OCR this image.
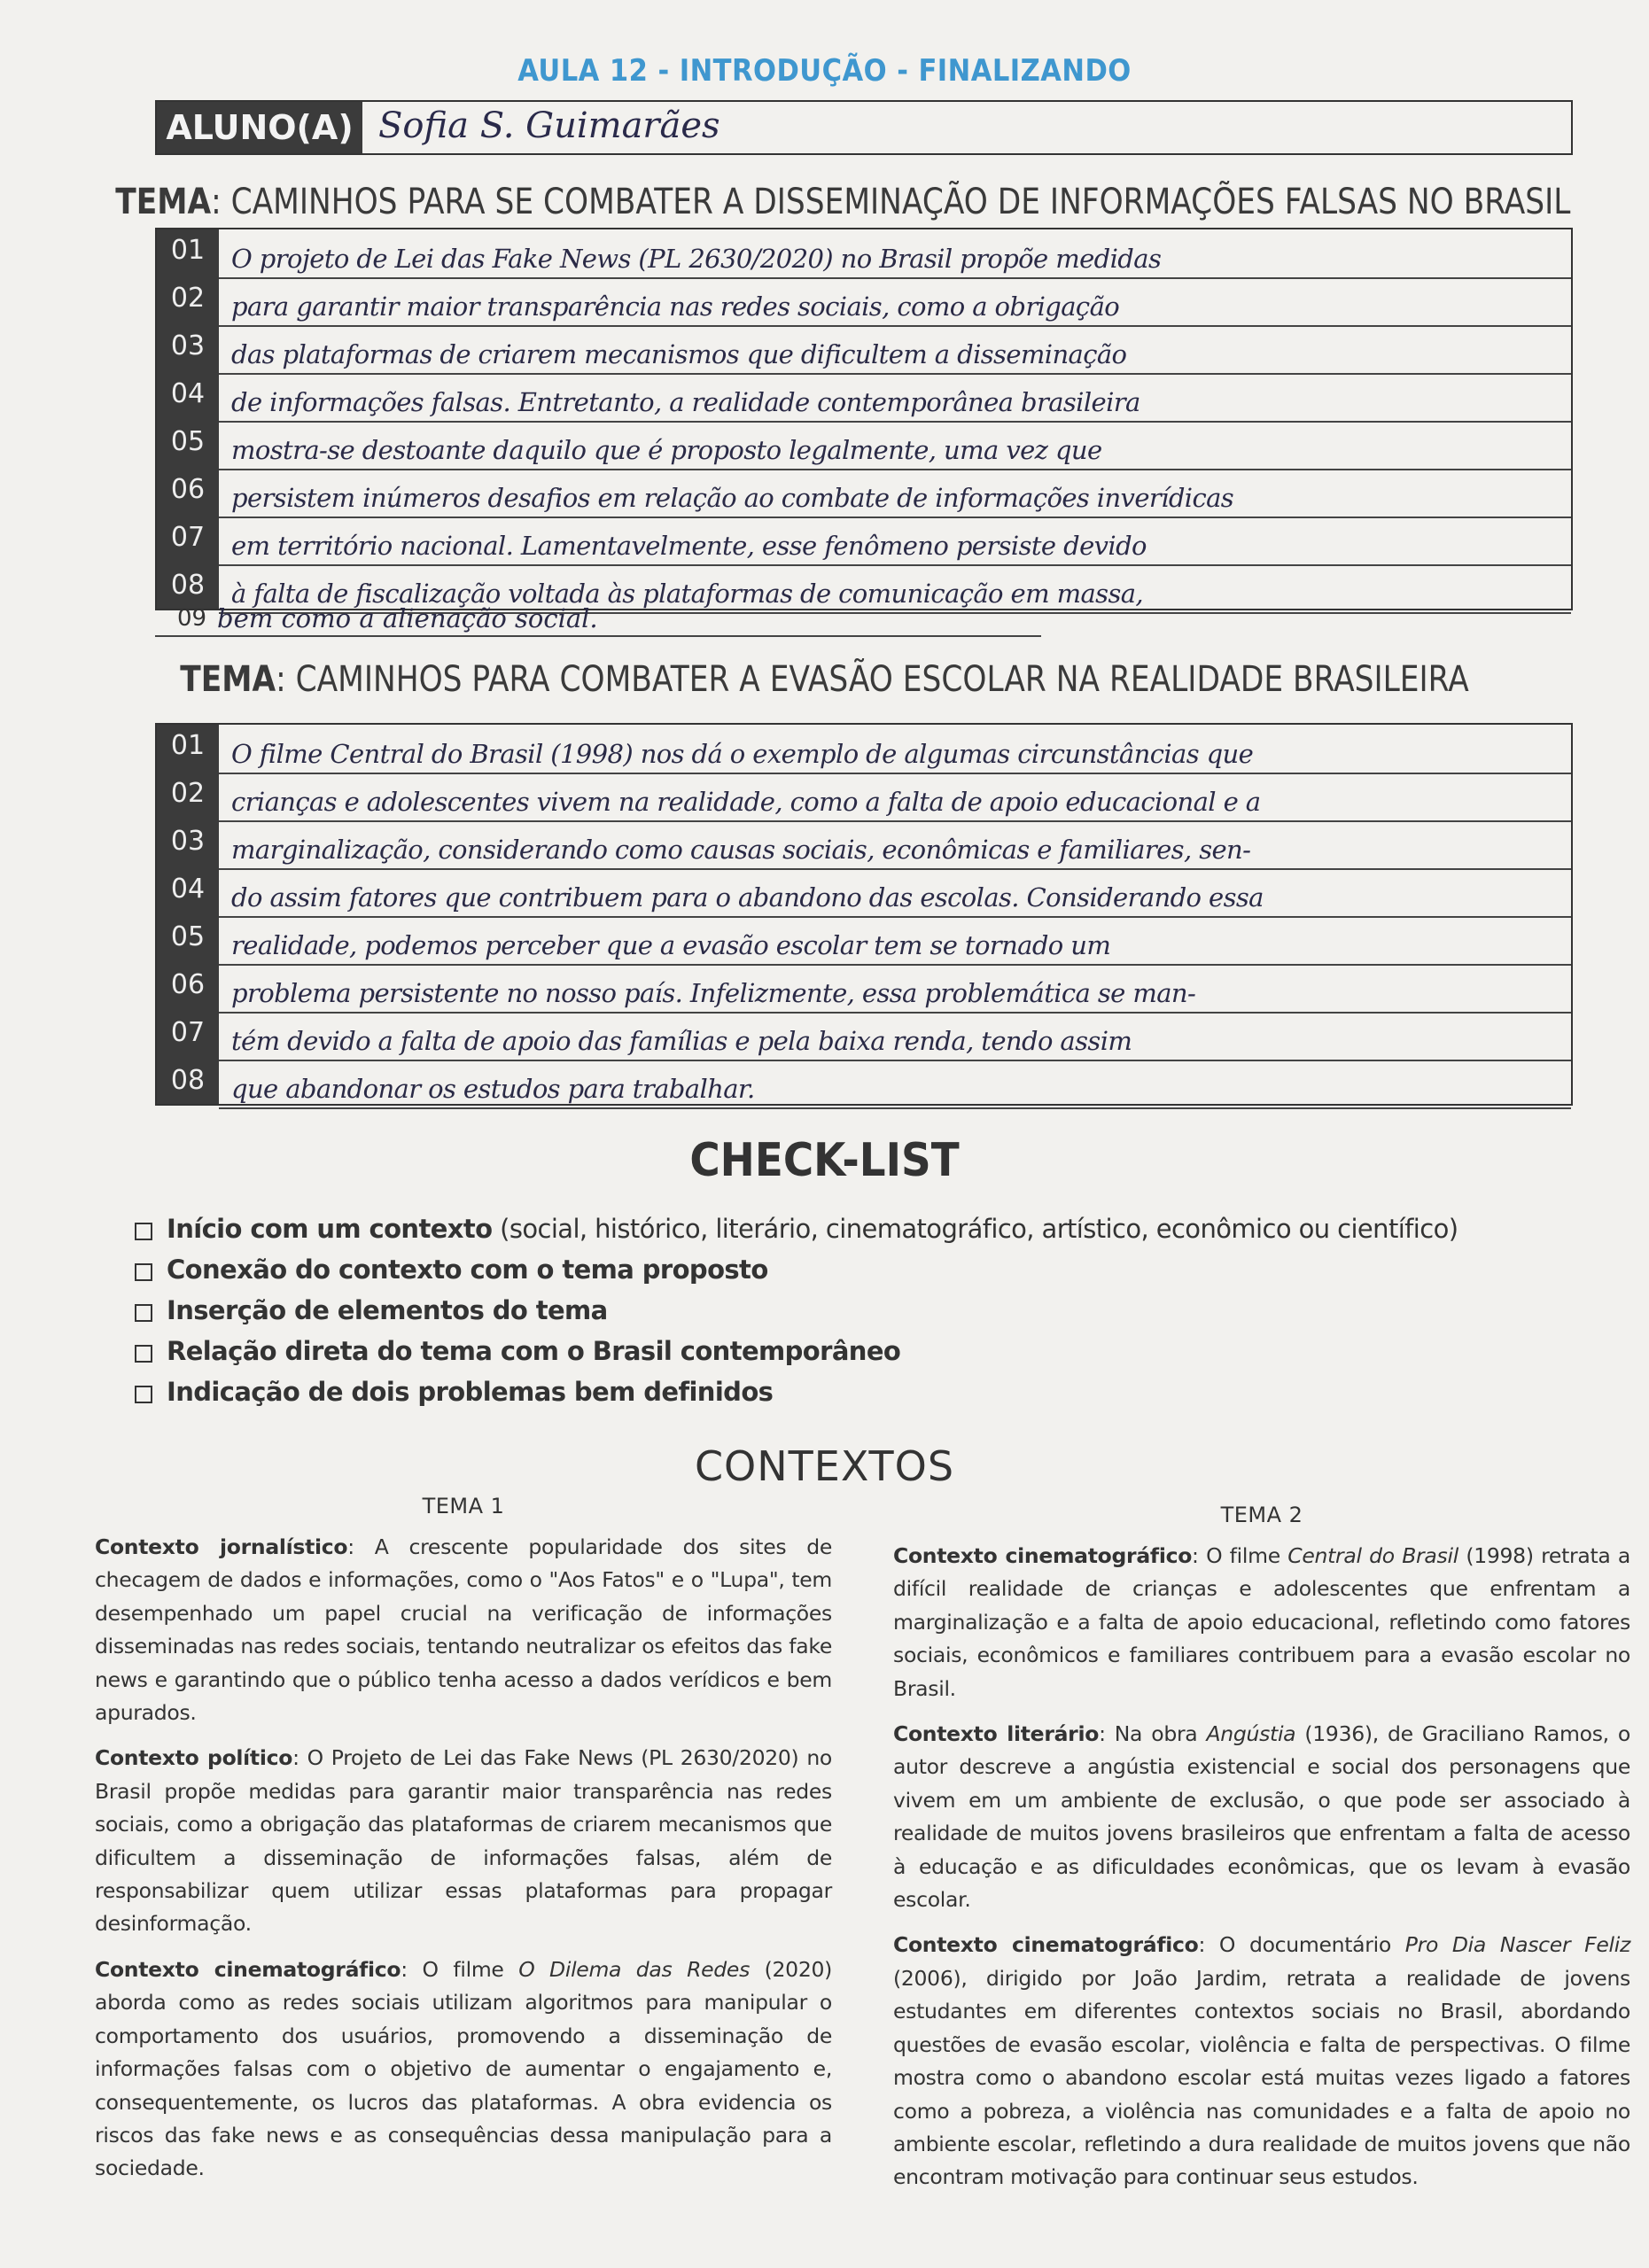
AULA 12 - INTRODUÇÃO - FINALIZANDO
ALUNO(A) Sofia S. Guimarães
TEMA: CAMINHOS PARA SE COMBATER A DISSEMINAÇÃO DE INFORMAÇÕES FALSAS NO BRASIL
01
02
03
04
05
06
07
08
O projeto de Lei das Fake News (PL 2630/2020) no Brasil propõe medidas
para garantir maior transparência nas redes sociais, como a obrigação
das plataformas de criarem mecanismos que dificultem a disseminação
de informações falsas. Entretanto, a realidade contemporânea brasileira
mostra-se destoante daquilo que é proposto legalmente, uma vez que
persistem inúmeros desafios em relação ao combate de informações inverídicas
em território nacional. Lamentavelmente, esse fenômeno persiste devido
à falta de fiscalização voltada às plataformas de comunicação em massa,
09 bem como a alienação social.
TEMA: CAMINHOS PARA COMBATER A EVASÃO ESCOLAR NA REALIDADE BRASILEIRA
01
02
03
04
05
06
07
08
O filme Central do Brasil (1998) nos dá o exemplo de algumas circunstâncias que
crianças e adolescentes vivem na realidade, como a falta de apoio educacional e a
marginalização, considerando como causas sociais, econômicas e familiares, sen-
do assim fatores que contribuem para o abandono das escolas. Considerando essa
realidade, podemos perceber que a evasão escolar tem se tornado um
problema persistente no nosso país. Infelizmente, essa problemática se man-
tém devido a falta de apoio das famílias e pela baixa renda, tendo assim
que abandonar os estudos para trabalhar.
CHECK-LIST
Início com um contexto (social, histórico, literário, cinematográfico, artístico, econômico ou científico)
Conexão do contexto com o tema proposto
Inserção de elementos do tema
Relação direta do tema com o Brasil contemporâneo
Indicação de dois problemas bem definidos
CONTEXTOS
TEMA 1

Contexto jornalístico: A crescente popularidade dos sites de checagem de dados e informações, como o "Aos Fatos" e o "Lupa", tem desempenhado um papel crucial na verificação de informações disseminadas nas redes sociais, tentando neutralizar os efeitos das fake news e garantindo que o público tenha acesso a dados verídicos e bem apurados.

Contexto político: O Projeto de Lei das Fake News (PL 2630/2020) no Brasil propõe medidas para garantir maior transparência nas redes sociais, como a obrigação das plataformas de criarem mecanismos que dificultem a disseminação de informações falsas, além de responsabilizar quem utilizar essas plataformas para propagar desinformação.

Contexto cinematográfico: O filme O Dilema das Redes (2020) aborda como as redes sociais utilizam algoritmos para manipular o comportamento dos usuários, promovendo a disseminação de informações falsas com o objetivo de aumentar o engajamento e, consequentemente, os lucros das plataformas. A obra evidencia os riscos das fake news e as consequências dessa manipulação para a sociedade.

TEMA 2

Contexto cinematográfico: O filme Central do Brasil (1998) retrata a difícil realidade de crianças e adolescentes que enfrentam a marginalização e a falta de apoio educacional, refletindo como fatores sociais, econômicos e familiares contribuem para a evasão escolar no Brasil.

Contexto literário: Na obra Angústia (1936), de Graciliano Ramos, o autor descreve a angústia existencial e social dos personagens que vivem em um ambiente de exclusão, o que pode ser associado à realidade de muitos jovens brasileiros que enfrentam a falta de acesso à educação e as dificuldades econômicas, que os levam à evasão escolar.

Contexto cinematográfico: O documentário Pro Dia Nascer Feliz (2006), dirigido por João Jardim, retrata a realidade de jovens estudantes em diferentes contextos sociais no Brasil, abordando questões de evasão escolar, violência e falta de perspectivas. O filme mostra como o abandono escolar está muitas vezes ligado a fatores como a pobreza, a violência nas comunidades e a falta de apoio no ambiente escolar, refletindo a dura realidade de muitos jovens que não encontram motivação para continuar seus estudos.
